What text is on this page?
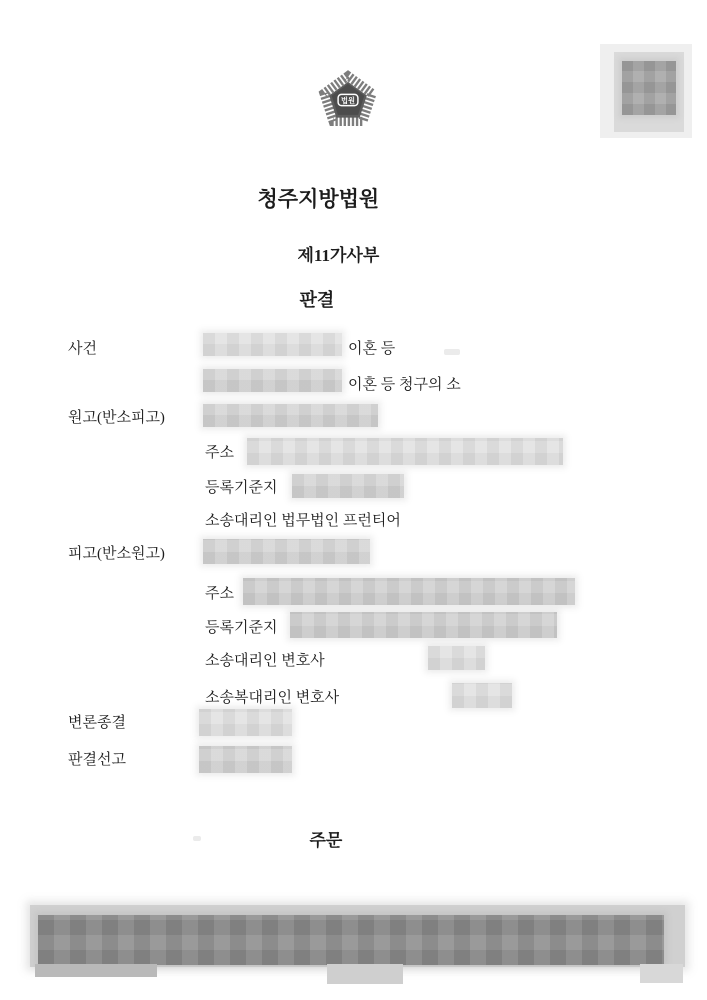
법원
청주지방법원
제11가사부
판결
사건	이혼 등
이혼 등 청구의 소
원고(반소피고)
주소
등록기준지
소송대리인 법무법인 프런티어
피고(반소원고)
주소
등록기준지
소송대리인 변호사
소송복대리인 변호사
변론종결
판결선고
주문
